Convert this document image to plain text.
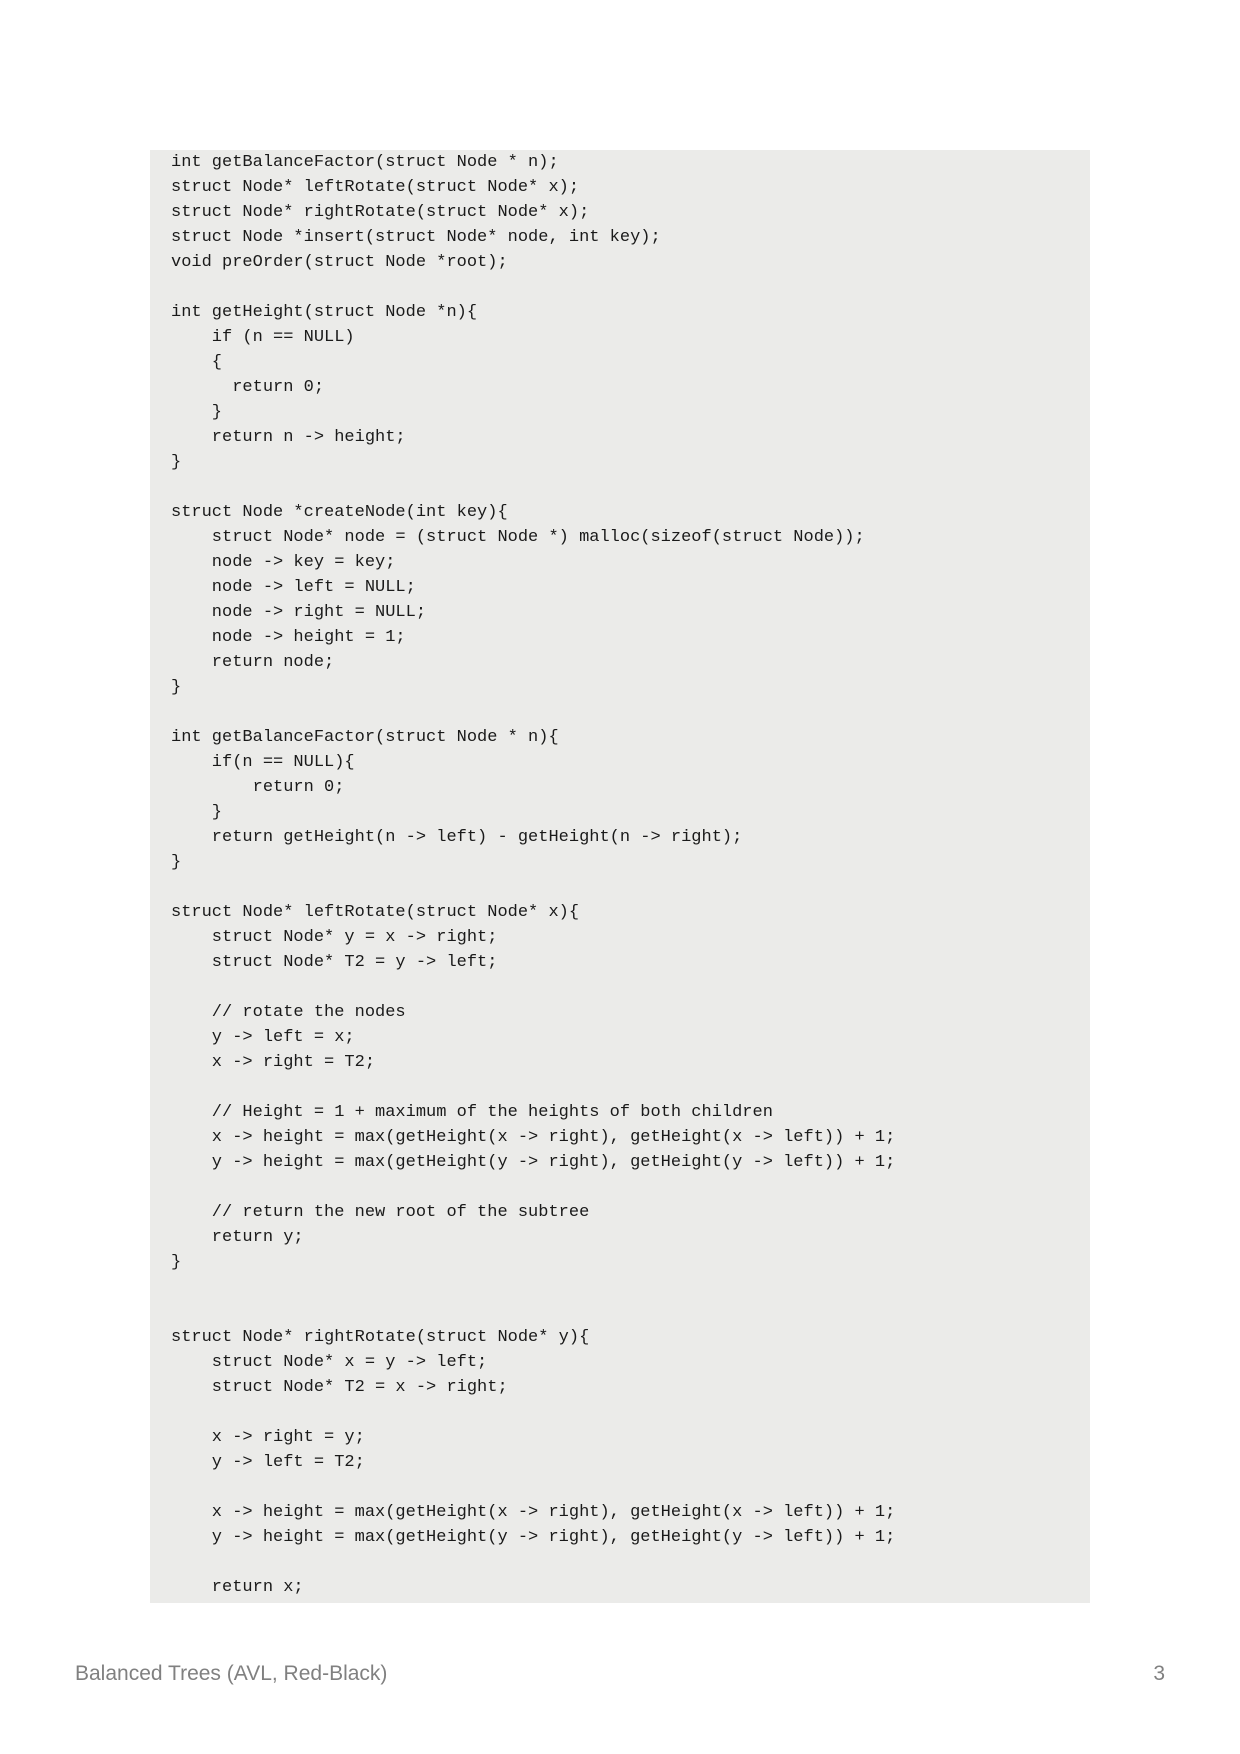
int getBalanceFactor(struct Node * n);
struct Node* leftRotate(struct Node* x);
struct Node* rightRotate(struct Node* x);
struct Node *insert(struct Node* node, int key);
void preOrder(struct Node *root);
int getHeight(struct Node *n){
if (n == NULL)
{
return 0;
}
return n -> height;
}
struct Node *createNode(int key){
struct Node* node = (struct Node *) malloc(sizeof(struct Node));
node -> key = key;
node -> left = NULL;
node -> right = NULL;
node -> height = 1;
return node;
}
int getBalanceFactor(struct Node * n){
if(n == NULL){
return 0;
}
return getHeight(n -> left) - getHeight(n -> right);
}
struct Node* leftRotate(struct Node* x){
struct Node* y = x -> right;
struct Node* T2 = y -> left;
// rotate the nodes
y -> left = x;
x -> right = T2;
// Height = 1 + maximum of the heights of both children
x -> height = max(getHeight(x -> right), getHeight(x -> left)) + 1;
y -> height = max(getHeight(y -> right), getHeight(y -> left)) + 1;
// return the new root of the subtree
return y;
}
struct Node* rightRotate(struct Node* y){
struct Node* x = y -> left;
struct Node* T2 = x -> right;
x -> right = y;
y -> left = T2;
x -> height = max(getHeight(x -> right), getHeight(x -> left)) + 1;
y -> height = max(getHeight(y -> right), getHeight(y -> left)) + 1;
return x;
Balanced Trees (AVL, Red-Black)	3
